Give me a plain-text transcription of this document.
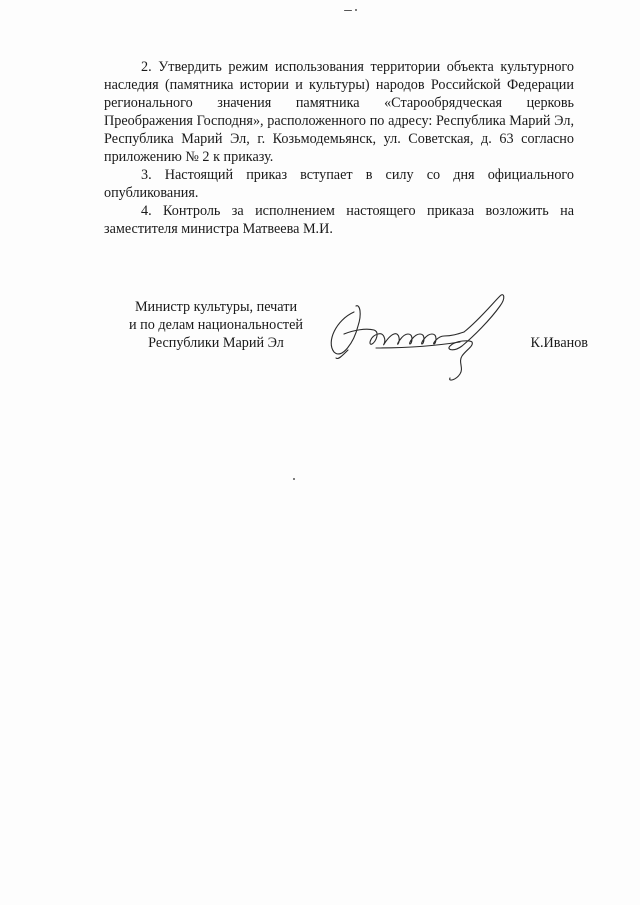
2. Утвердить режим использования территории объекта культурного наследия (памятника истории и культуры) народов Российской Федерации регионального значения памятника «Старообрядческая церковь Преображения Господня», расположенного по адресу: Республика Марий Эл, Республика Марий Эл, г. Козьмодемьянск, ул. Советская, д. 63 согласно приложению № 2 к приказу.

3. Настоящий приказ вступает в силу со дня официального опубликования.

4. Контроль за исполнением настоящего приказа возложить на заместителя министра Матвеева М.И.

Министр культуры, печати
и по делам национальностей
Республики Марий Эл	К.Иванов
